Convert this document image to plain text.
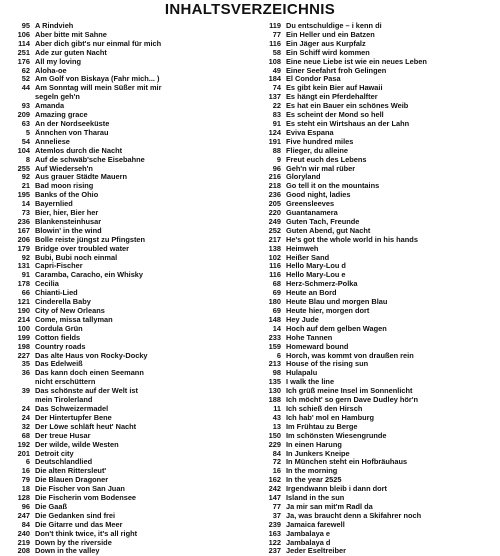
INHALTSVERZEICHNIS
95 A Rindvieh
106 Aber bitte mit Sahne
114 Aber dich gibt's nur einmal für mich
251 Ade zur guten Nacht
176 All my loving
62 Aloha-oe
52 Am Golf von Biskaya (Fahr mich... )
44 Am Sonntag will mein Süßer mit mir
segeln geh'n
93 Amanda
209 Amazing grace
63 An der Nordseeküste
5 Ännchen von Tharau
54 Anneliese
104 Atemlos durch die Nacht
8 Auf de schwäb'sche Eisebahne
255 Auf Wiederseh'n
92 Aus grauer Städte Mauern
21 Bad moon rising
195 Banks of the Ohio
14 Bayernlied
73 Bier, hier, Bier her
236 Blankensteinhusar
167 Blowin' in the wind
206 Bolle reiste jüngst zu Pfingsten
179 Bridge over troubled water
92 Bubi, Bubi noch einmal
131 Capri-Fischer
91 Caramba, Caracho, ein Whisky
178 Cecilia
66 Chianti-Lied
121 Cinderella Baby
190 City of New Orleans
214 Come, missa tallyman
100 Cordula Grün
199 Cotton fields
198 Country roads
227 Das alte Haus von Rocky-Docky
35 Das Edelweiß
36 Das kann doch einen Seemann
nicht erschüttern
39 Das schönste auf der Welt ist
mein Tirolerland
24 Das Schweizermadel
24 Der Hintertupfer Bene
32 Der Löwe schläft heut' Nacht
68 Der treue Husar
192 Der wilde, wilde Westen
201 Detroit city
6 Deutschlandlied
16 Die alten Rittersleut'
79 Die Blauen Dragoner
18 Die Fischer von San Juan
128 Die Fischerin vom Bodensee
96 Die Gaaß
247 Die Gedanken sind frei
84 Die Gitarre und das Meer
240 Don't think twice, it's all right
219 Down by the riverside
208 Down in the valley
119 Du entschuldige – i kenn di
77 Ein Heller und ein Batzen
116 Ein Jäger aus Kurpfalz
58 Ein Schiff wird kommen
108 Eine neue Liebe ist wie ein neues Leben
49 Einer Seefahrt froh Gelingen
184 El Condor Pasa
74 Es gibt kein Bier auf Hawaii
137 Es hängt ein Pferdehalfter
22 Es hat ein Bauer ein schönes Weib
83 Es scheint der Mond so hell
91 Es steht ein Wirtshaus an der Lahn
124 Eviva Espana
191 Five hundred miles
88 Flieger, du alleine
9 Freut euch des Lebens
96 Geh'n wir mal rüber
216 Gloryland
218 Go tell it on the mountains
236 Good night, ladies
205 Greensleeves
220 Guantanamera
249 Guten Tach, Freunde
252 Guten Abend, gut Nacht
217 He's got the whole world in his hands
138 Heimweh
102 Heißer Sand
116 Hello Mary-Lou d
116 Hello Mary-Lou e
68 Herz-Schmerz-Polka
69 Heute an Bord
180 Heute Blau und morgen Blau
69 Heute hier, morgen dort
148 Hey Jude
14 Hoch auf dem gelben Wagen
233 Hohe Tannen
159 Homeward bound
6 Horch, was kommt von draußen rein
213 House of the rising sun
98 Hulapalu
135 I walk the line
130 Ich grüß meine Insel im Sonnenlicht
188 Ich möcht' so gern Dave Dudley hör'n
11 Ich schieß den Hirsch
43 Ich hab' mol en Hamburg
13 Im Frühtau zu Berge
150 Im schönsten Wiesengrunde
229 In einen Harung
84 In Junkers Kneipe
72 In München steht ein Hofbräuhaus
16 In the morning
162 In the year 2525
242 Irgendwann bleib i dann dort
147 Island in the sun
77 Ja mir san mit'm Radl da
37 Ja, was braucht denn a Skifahrer noch
239 Jamaica farewell
163 Jambalaya e
122 Jambalaya d
237 Jeder Eseltreiber
